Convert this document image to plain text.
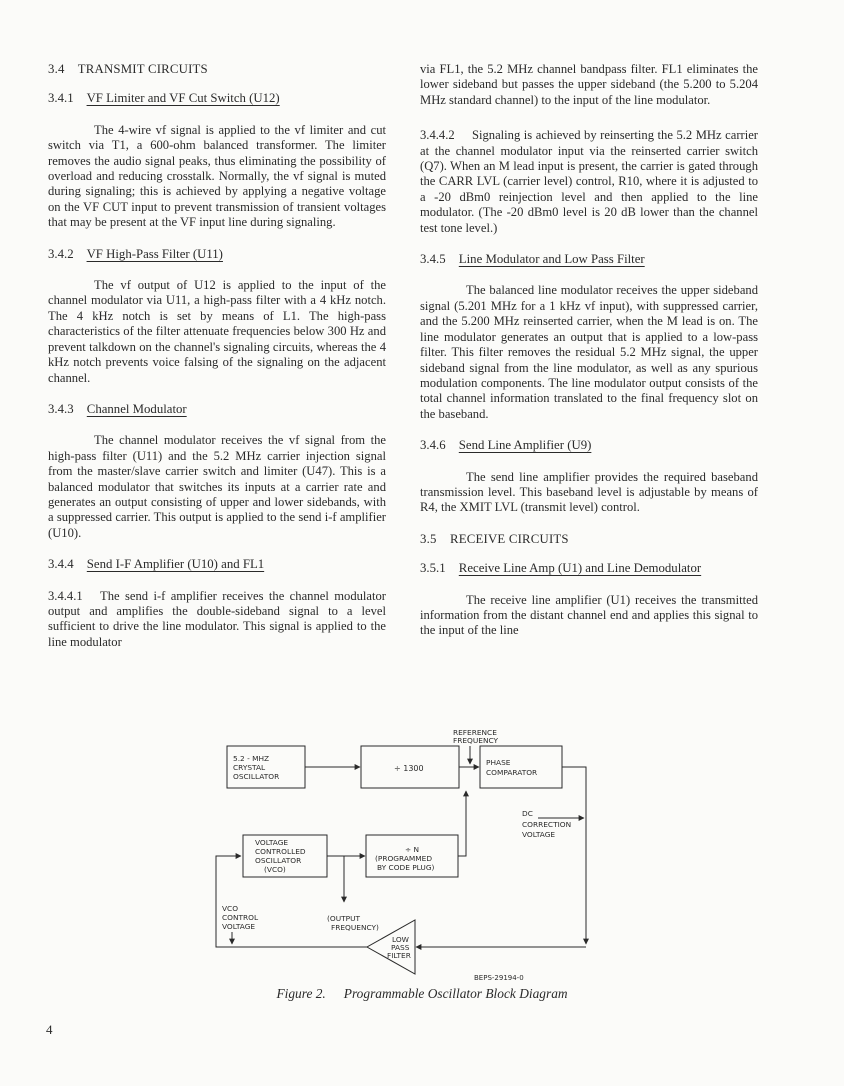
3.4 TRANSMIT CIRCUITS
3.4.1 VF Limiter and VF Cut Switch (U12)

The 4-wire vf signal is applied to the vf limiter and cut switch via T1, a 600-ohm balanced transformer. The limiter removes the audio signal peaks, thus eliminating the possibility of overload and reducing crosstalk. Normally, the vf signal is muted during signaling; this is achieved by applying a negative voltage on the VF CUT input to prevent transmission of transient voltages that may be present at the VF input line during signaling.

3.4.2 VF High-Pass Filter (U11)

The vf output of U12 is applied to the input of the channel modulator via U11, a high-pass filter with a 4 kHz notch. The 4 kHz notch is set by means of L1. The high-pass characteristics of the filter attenuate frequencies below 300 Hz and prevent talkdown on the channel's signaling circuits, whereas the 4 kHz notch prevents voice falsing of the signaling on the adjacent channel.

3.4.3 Channel Modulator

The channel modulator receives the vf signal from the high-pass filter (U11) and the 5.2 MHz carrier injection signal from the master/slave carrier switch and limiter (U47). This is a balanced modulator that switches its inputs at a carrier rate and generates an output consisting of upper and lower sidebands, with a suppressed carrier. This output is applied to the send i-f amplifier (U10).

3.4.4 Send I-F Amplifier (U10) and FL1

3.4.4.1 The send i-f amplifier receives the channel modulator output and amplifies the double-sideband signal to a level sufficient to drive the line modulator. This signal is applied to the line modulator

via FL1, the 5.2 MHz channel bandpass filter. FL1 eliminates the lower sideband but passes the upper sideband (the 5.200 to 5.204 MHz standard channel) to the input of the line modulator.

3.4.4.2 Signaling is achieved by reinserting the 5.2 MHz carrier at the channel modulator input via the reinserted carrier switch (Q7). When an M lead input is present, the carrier is gated through the CARR LVL (carrier level) control, R10, where it is adjusted to a -20 dBm0 reinjection level and then applied to the line modulator. (The -20 dBm0 level is 20 dB lower than the channel test tone level.)

3.4.5 Line Modulator and Low Pass Filter

The balanced line modulator receives the upper sideband signal (5.201 MHz for a 1 kHz vf input), with suppressed carrier, and the 5.200 MHz reinserted carrier, when the M lead is on. The line modulator generates an output that is applied to a low-pass filter. This filter removes the residual 5.2 MHz signal, the upper sideband signal from the line modulator, as well as any spurious modulation components. The line modulator output consists of the total channel information translated to the final frequency slot on the baseband.

3.4.6 Send Line Amplifier (U9)

The send line amplifier provides the required baseband transmission level. This baseband level is adjustable by means of R4, the XMIT LVL (transmit level) control.

3.5 RECEIVE CIRCUITS
3.5.1 Receive Line Amp (U1) and Line Demodulator

The receive line amplifier (U1) receives the transmitted information from the distant channel end and applies this signal to the input of the line

5.2 - MHZ
CRYSTAL
OSCILLATOR
÷ 1300
REFERENCE
FREQUENCY
PHASE
COMPARATOR
DC
CORRECTION
VOLTAGE
VOLTAGE
CONTROLLED
OSCILLATOR
(VCO)
÷ N
(PROGRAMMED
BY CODE PLUG)
VCO
CONTROL
VOLTAGE
(OUTPUT
FREQUENCY)
LOW
PASS
FILTER
BEPS-29194-0
Figure 2. Programmable Oscillator Block Diagram
4
